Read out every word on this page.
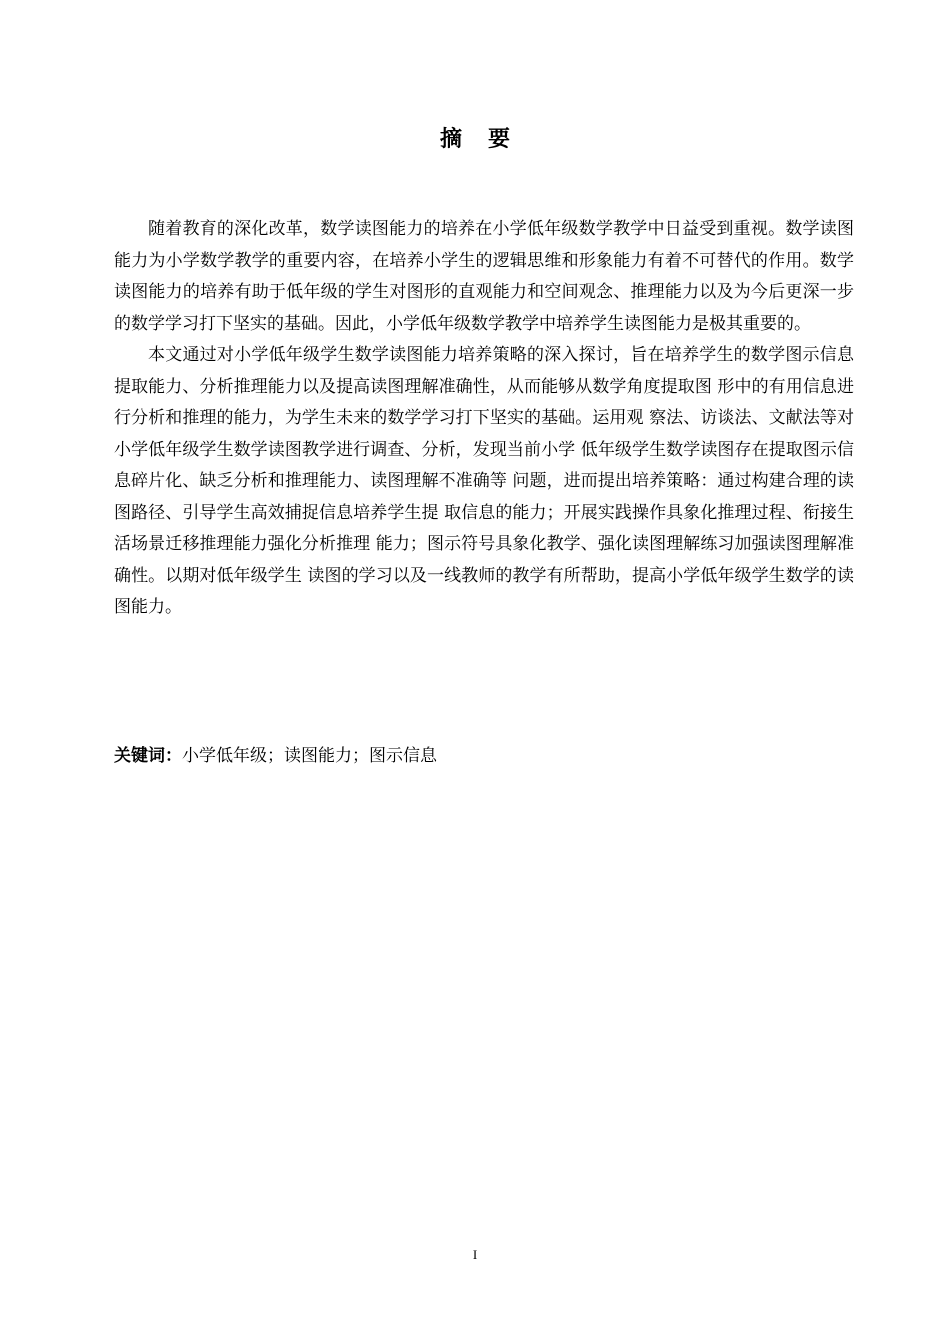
摘 要

随着教育的深化改革，数学读图能力的培养在小学低年级数学教学中日益受到重视。数学读图能力为小学数学教学的重要内容，在培养小学生的逻辑思维和形象能力有着不可替代的作用。数学读图能力的培养有助于低年级的学生对图形的直观能力和空间观念、推理能力以及为今后更深一步的数学学习打下坚实的基础。因此，小学低年级数学教学中培养学生读图能力是极其重要的。

本文通过对小学低年级学生数学读图能力培养策略的深入探讨，旨在培养学生的数学图示信息提取能力、分析推理能力以及提高读图理解准确性，从而能够从数学角度提取图 形中的有用信息进行分析和推理的能力，为学生未来的数学学习打下坚实的基础。运用观 察法、访谈法、文献法等对小学低年级学生数学读图教学进行调查、分析，发现当前小学 低年级学生数学读图存在提取图示信息碎片化、缺乏分析和推理能力、读图理解不准确等 问题，进而提出培养策略：通过构建合理的读图路径、引导学生高效捕捉信息培养学生提 取信息的能力；开展实践操作具象化推理过程、衔接生活场景迁移推理能力强化分析推理 能力；图示符号具象化教学、强化读图理解练习加强读图理解准确性。以期对低年级学生 读图的学习以及一线教师的教学有所帮助，提高小学低年级学生数学的读图能力。

关键词：小学低年级；读图能力；图示信息
I
